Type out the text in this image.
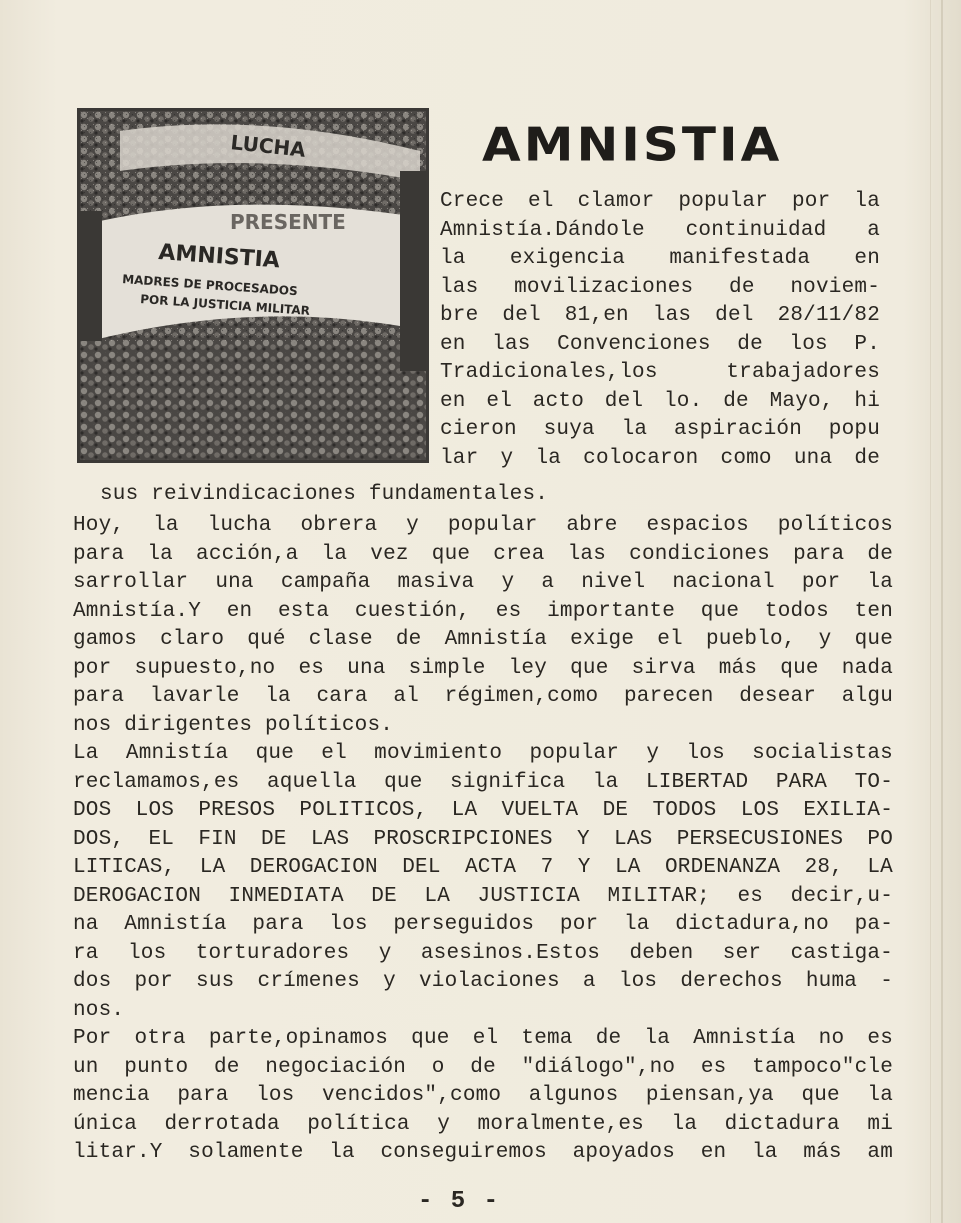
LUCHA
PRESENTE
AMNISTIA
MADRES DE PROCESADOS
POR LA JUSTICIA MILITAR
AMNISTIA
Crece el clamor popular por la
Amnistía.Dándole continuidad a
la exigencia manifestada en
las movilizaciones de noviem-
bre del 81,en las del 28/11/82
en las Convenciones de los P.
Tradicionales,los trabajadores
en el acto del lo. de Mayo, hi
cieron suya la aspiración popu
lar y la colocaron como una de
sus reivindicaciones fundamentales.
Hoy, la lucha obrera y popular abre espacios políticos
para la acción,a la vez que crea las condiciones para de
sarrollar una campaña masiva y a nivel nacional por la
Amnistía.Y en esta cuestión, es importante que todos ten
gamos claro qué clase de Amnistía exige el pueblo, y que
por supuesto,no es una simple ley que sirva más que nada
para lavarle la cara al régimen,como parecen desear algu
nos dirigentes políticos.
La Amnistía que el movimiento popular y los socialistas
reclamamos,es aquella que significa la LIBERTAD PARA TO-
DOS LOS PRESOS POLITICOS, LA VUELTA DE TODOS LOS EXILIA-
DOS, EL FIN DE LAS PROSCRIPCIONES Y LAS PERSECUSIONES PO
LITICAS, LA DEROGACION DEL ACTA 7 Y LA ORDENANZA 28, LA
DEROGACION INMEDIATA DE LA JUSTICIA MILITAR; es decir,u-
na Amnistía para los perseguidos por la dictadura,no pa-
ra los torturadores y asesinos.Estos deben ser castiga-
dos por sus crímenes y violaciones a los derechos huma -
nos.
Por otra parte,opinamos que el tema de la Amnistía no es
un punto de negociación o de "diálogo",no es tampoco"cle
mencia para los vencidos",como algunos piensan,ya que la
única derrotada política y moralmente,es la dictadura mi
litar.Y solamente la conseguiremos apoyados en la más am
- 5 -
